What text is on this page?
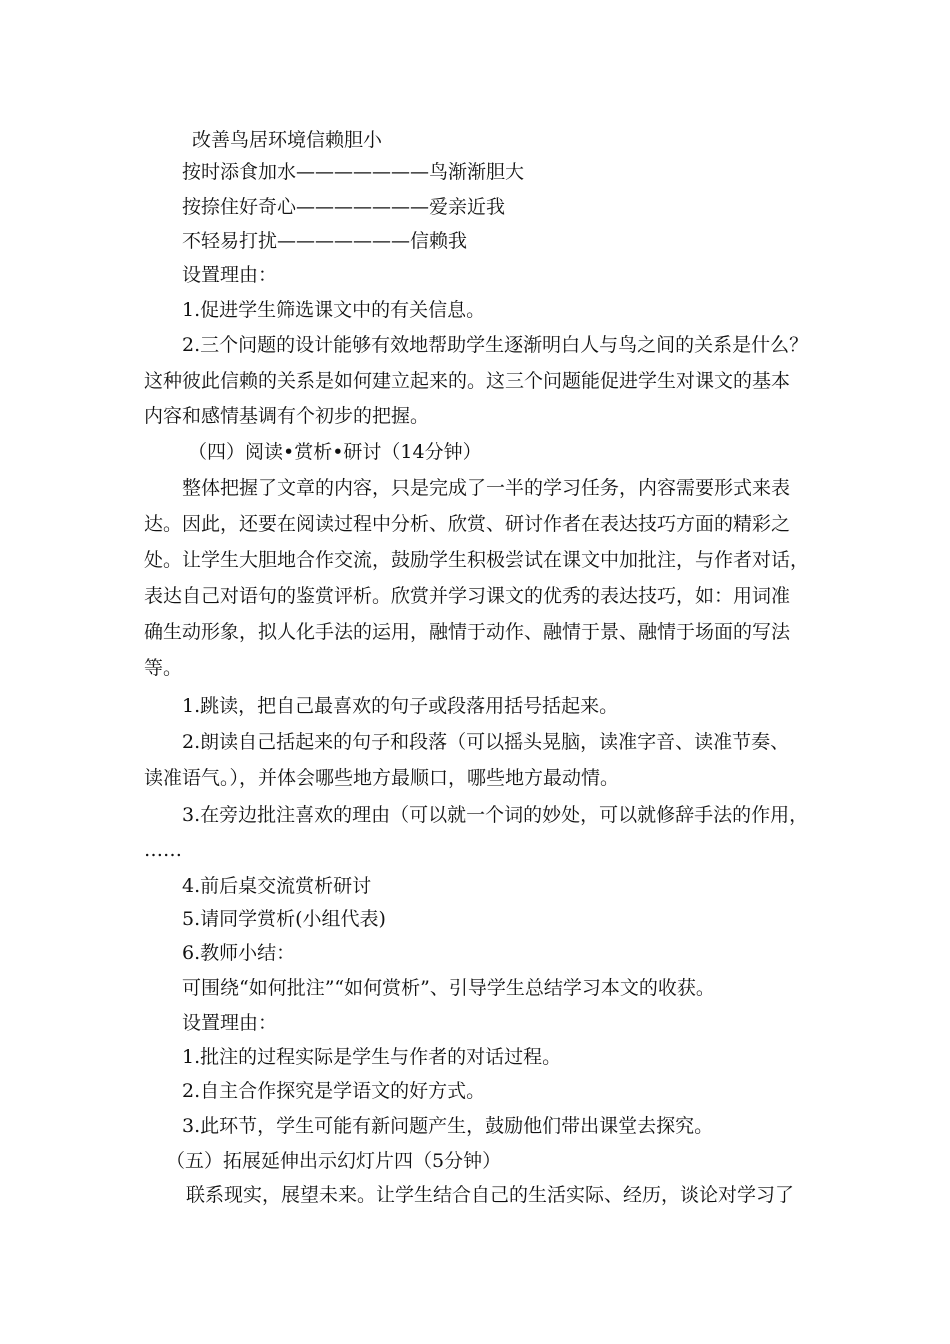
改善鸟居环境信赖胆小
按时添食加水———————鸟渐渐胆大
按捺住好奇心———————爱亲近我
不轻易打扰———————信赖我
设置理由：
1.促进学生筛选课文中的有关信息。
2.三个问题的设计能够有效地帮助学生逐渐明白人与鸟之间的关系是什么？
这种彼此信赖的关系是如何建立起来的。这三个问题能促进学生对课文的基本
内容和感情基调有个初步的把握。
（四）阅读•赏析•研讨（14分钟）
整体把握了文章的内容，只是完成了一半的学习任务，内容需要形式来表
达。因此，还要在阅读过程中分析、欣赏、研讨作者在表达技巧方面的精彩之
处。让学生大胆地合作交流，鼓励学生积极尝试在课文中加批注，与作者对话，
表达自己对语句的鉴赏评析。欣赏并学习课文的优秀的表达技巧，如：用词准
确生动形象，拟人化手法的运用，融情于动作、融情于景、融情于场面的写法
等。
1.跳读，把自己最喜欢的句子或段落用括号括起来。
2.朗读自己括起来的句子和段落（可以摇头晃脑，读准字音、读准节奏、
读准语气。），并体会哪些地方最顺口，哪些地方最动情。
3.在旁边批注喜欢的理由（可以就一个词的妙处，可以就修辞手法的作用，
……
4.前后桌交流赏析研讨
5.请同学赏析(小组代表)
6.教师小结：
可围绕“如何批注”“如何赏析”、引导学生总结学习本文的收获。
设置理由：
1.批注的过程实际是学生与作者的对话过程。
2.自主合作探究是学语文的好方式。
3.此环节，学生可能有新问题产生，鼓励他们带出课堂去探究。
（五）拓展延伸出示幻灯片四（5分钟）
联系现实，展望未来。让学生结合自己的生活实际、经历，谈论对学习了
